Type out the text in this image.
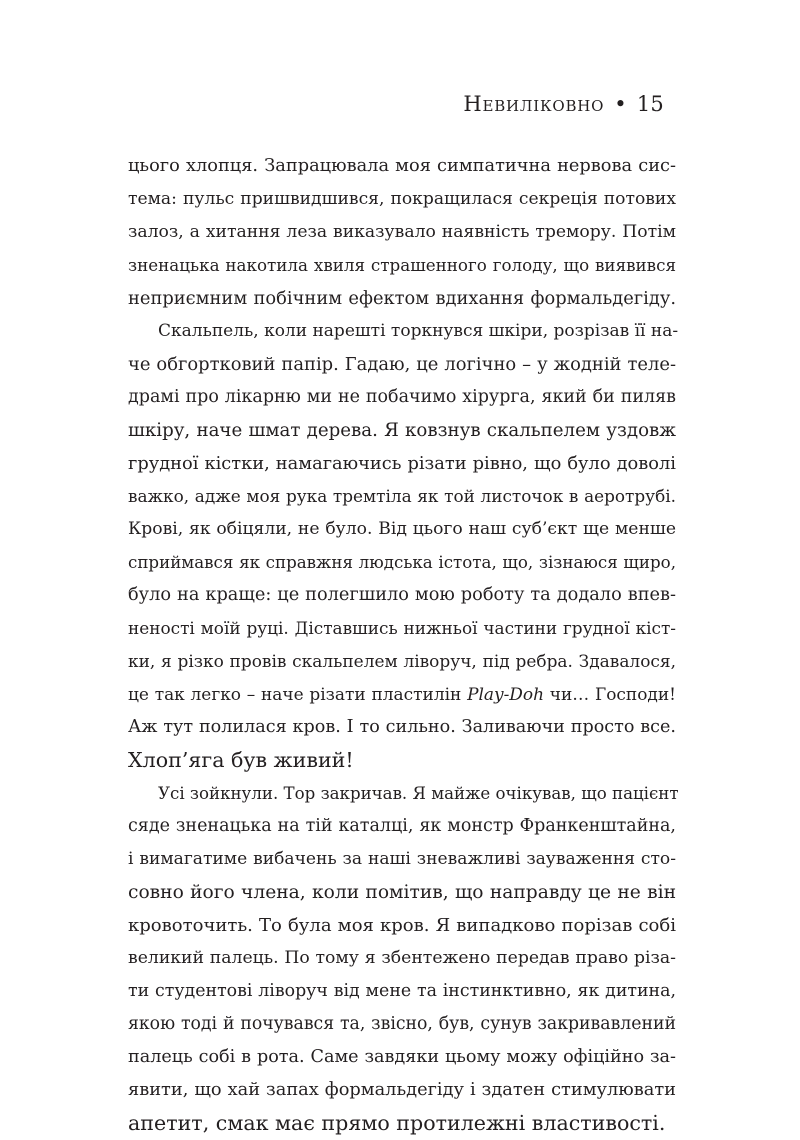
Невиліковно • 15
цього хлопця. Запрацювала моя симпатична нервова сис-
тема: пульс пришвидшився, покращилася секреція потових
залоз, а хитання леза виказувало наявність тремору. Потім
зненацька накотила хвиля страшенного голоду, що виявився
неприємним побічним ефектом вдихання формальдегіду.
Скальпель, коли нарешті торкнувся шкіри, розрізав її на-
че обгортковий папір. Гадаю, це логічно – у жодній теле-
драмі про лікарню ми не побачимо хірурга, який би пиляв
шкіру, наче шмат дерева. Я ковзнув скальпелем уздовж
грудної кістки, намагаючись різати рівно, що було доволі
важко, адже моя рука тремтіла як той листочок в аеротрубі.
Крові, як обіцяли, не було. Від цього наш суб’єкт ще менше
сприймався як справжня людська істота, що, зізнаюся щиро,
було на краще: це полегшило мою роботу та додало впев-
неності моїй руці. Діставшись нижньої частини грудної кіст-
ки, я різко провів скальпелем ліворуч, під ребра. Здавалося,
це так легко – наче різати пластилін Play-Doh чи… Господи!
Аж тут полилася кров. І то сильно. Заливаючи просто все.
Хлоп’яга був живий!
Усі зойкнули. Тор закричав. Я майже очікував, що пацієнт
сяде зненацька на тій каталці, як монстр Франкенштайна,
і вимагатиме вибачень за наші зневажливі зауваження сто-
совно його члена, коли помітив, що направду це не він
кровоточить. То була моя кров. Я випадково порізав собі
великий палець. По тому я збентежено передав право різа-
ти студентові ліворуч від мене та інстинктивно, як дитина,
якою тоді й почувався та, звісно, був, сунув закривавлений
палець собі в рота. Саме завдяки цьому можу офіційно за-
явити, що хай запах формальдегіду і здатен стимулювати
апетит, смак має прямо протилежні властивості.
